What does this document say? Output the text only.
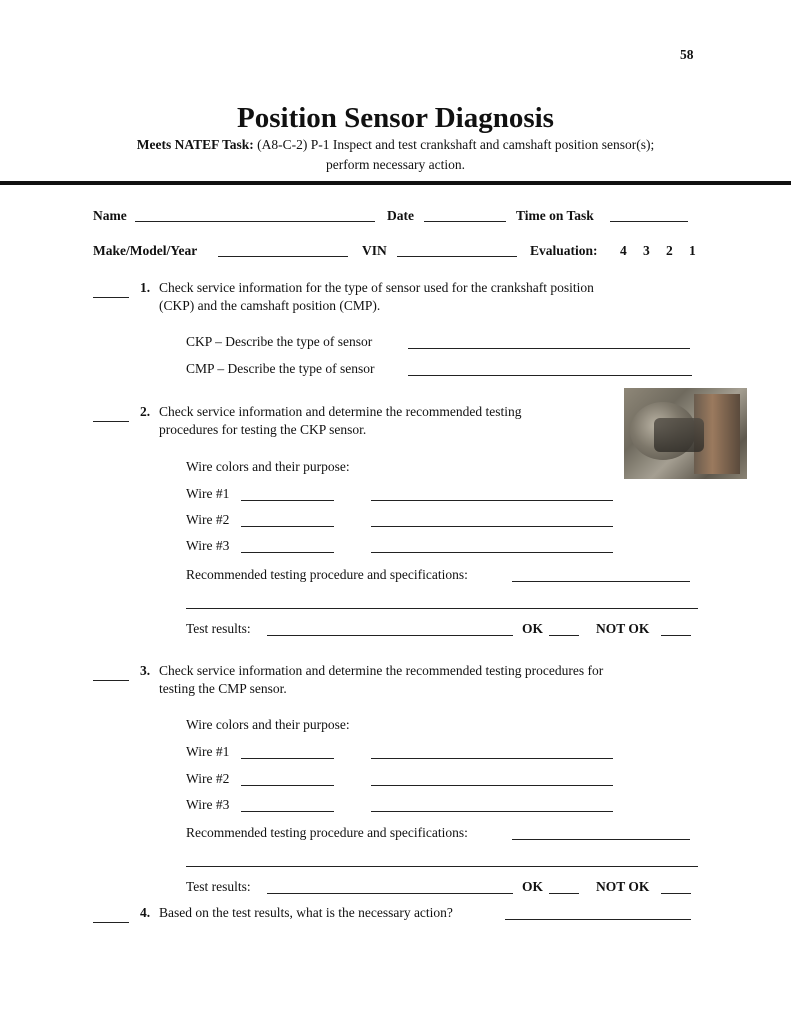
58
Position Sensor Diagnosis
Meets NATEF Task: (A8-C-2) P-1 Inspect and test crankshaft and camshaft position sensor(s);
perform necessary action.
Name	Date	Time on Task
Make/Model/Year	VIN	Evaluation: 4 3 2 1
1. Check service information for the type of sensor used for the crankshaft position
(CKP) and the camshaft position (CMP).
CKP – Describe the type of sensor
CMP – Describe the type of sensor
2. Check service information and determine the recommended testing
procedures for testing the CKP sensor.
Wire colors and their purpose:
Wire #1
Wire #2
Wire #3
Recommended testing procedure and specifications:
Test results:	OK	NOT OK
3. Check service information and determine the recommended testing procedures for
testing the CMP sensor.
Wire colors and their purpose:
Wire #1
Wire #2
Wire #3
Recommended testing procedure and specifications:
Test results:	OK	NOT OK
4. Based on the test results, what is the necessary action?
